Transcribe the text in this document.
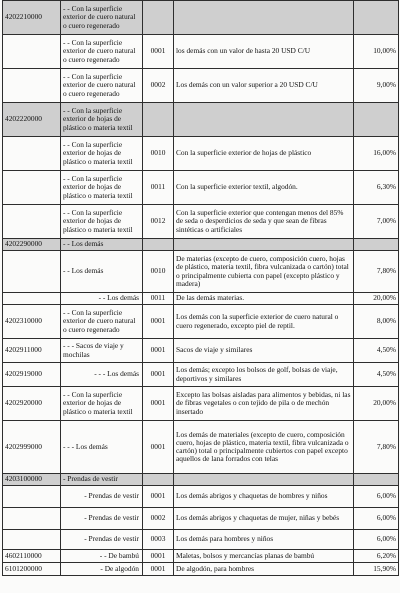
4202210000	- - Con la superficie exterior de cuero natural o cuero regenerado			
	- - Con la superficie exterior de cuero natural o cuero regenerado	0001	los demás con un valor de hasta 20 USD C/U	10,00%
	- - Con la superficie exterior de cuero natural o cuero regenerado	0002	Los demás con un valor superior a 20 USD C/U	9,00%
4202220000	- - Con la superficie exterior de hojas de plástico o materia textil			
	- - Con la superficie exterior de hojas de plástico o materia textil	0010	Con la superficie exterior de hojas de plástico	16,00%
	- - Con la superficie exterior de hojas de plástico o materia textil	0011	Con la superficie exterior textil, algodón.	6,30%
	- - Con la superficie exterior de hojas de plástico o materia textil	0012	Con la superficie exterior que contengan menos del 85% de seda o desperdicios de seda y que sean de fibras sintéticas o artificiales	7,00%
4202290000	- - Los demás			
	- - Los demás	0010	De materias (excepto de cuero, composición cuero, hojas de plástico, materia textil, fibra vulcanizada o cartón) total o principalmente cubierta con papel (excepto plástico y madera)	7,80%
	- - Los demás	0011	De las demás materias.	20,00%
4202310000	- - Con la superficie exterior de cuero natural o cuero regenerado	0001	Los demás con la superficie exterior de cuero natural o cuero regenerado, excepto piel de reptil.	8,00%
4202911000	- - - Sacos de viaje y mochilas	0001	Sacos de viaje y similares	4,50%
4202919000	- - - Los demás	0001	Los demás; excepto los bolsos de golf, bolsas de viaje, deportivos y similares	4,50%
4202920000	- - Con la superficie exterior de hojas de plástico o materia textil	0001	Excepto las bolsas aisladas para alimentos y bebidas, ni las de fibras vegetales o con tejido de pila o de mechón insertado	20,00%
4202999000	- - - Los demás	0001	Los demás de materiales (excepto de cuero, composición cuero, hojas de plástico, materia textil, fibra vulcanizada o cartón) total o principalmente cubiertos con papel excepto aquellos de lana forrados con telas	7,80%
4203100000	- Prendas de vestir			
	- Prendas de vestir	0001	Los demás abrigos y chaquetas de hombres y niños	6,00%
	- Prendas de vestir	0002	Los demás abrigos y chaquetas de mujer, niñas y bebés	6,00%
	- Prendas de vestir	0003	Los demás para hombres y niños	6,00%
4602110000	- - De bambú	0001	Maletas, bolsos y mercancías planas de bambú	6,20%
6101200000	- De algodón	0001	De algodón, para hombres	15,90%
